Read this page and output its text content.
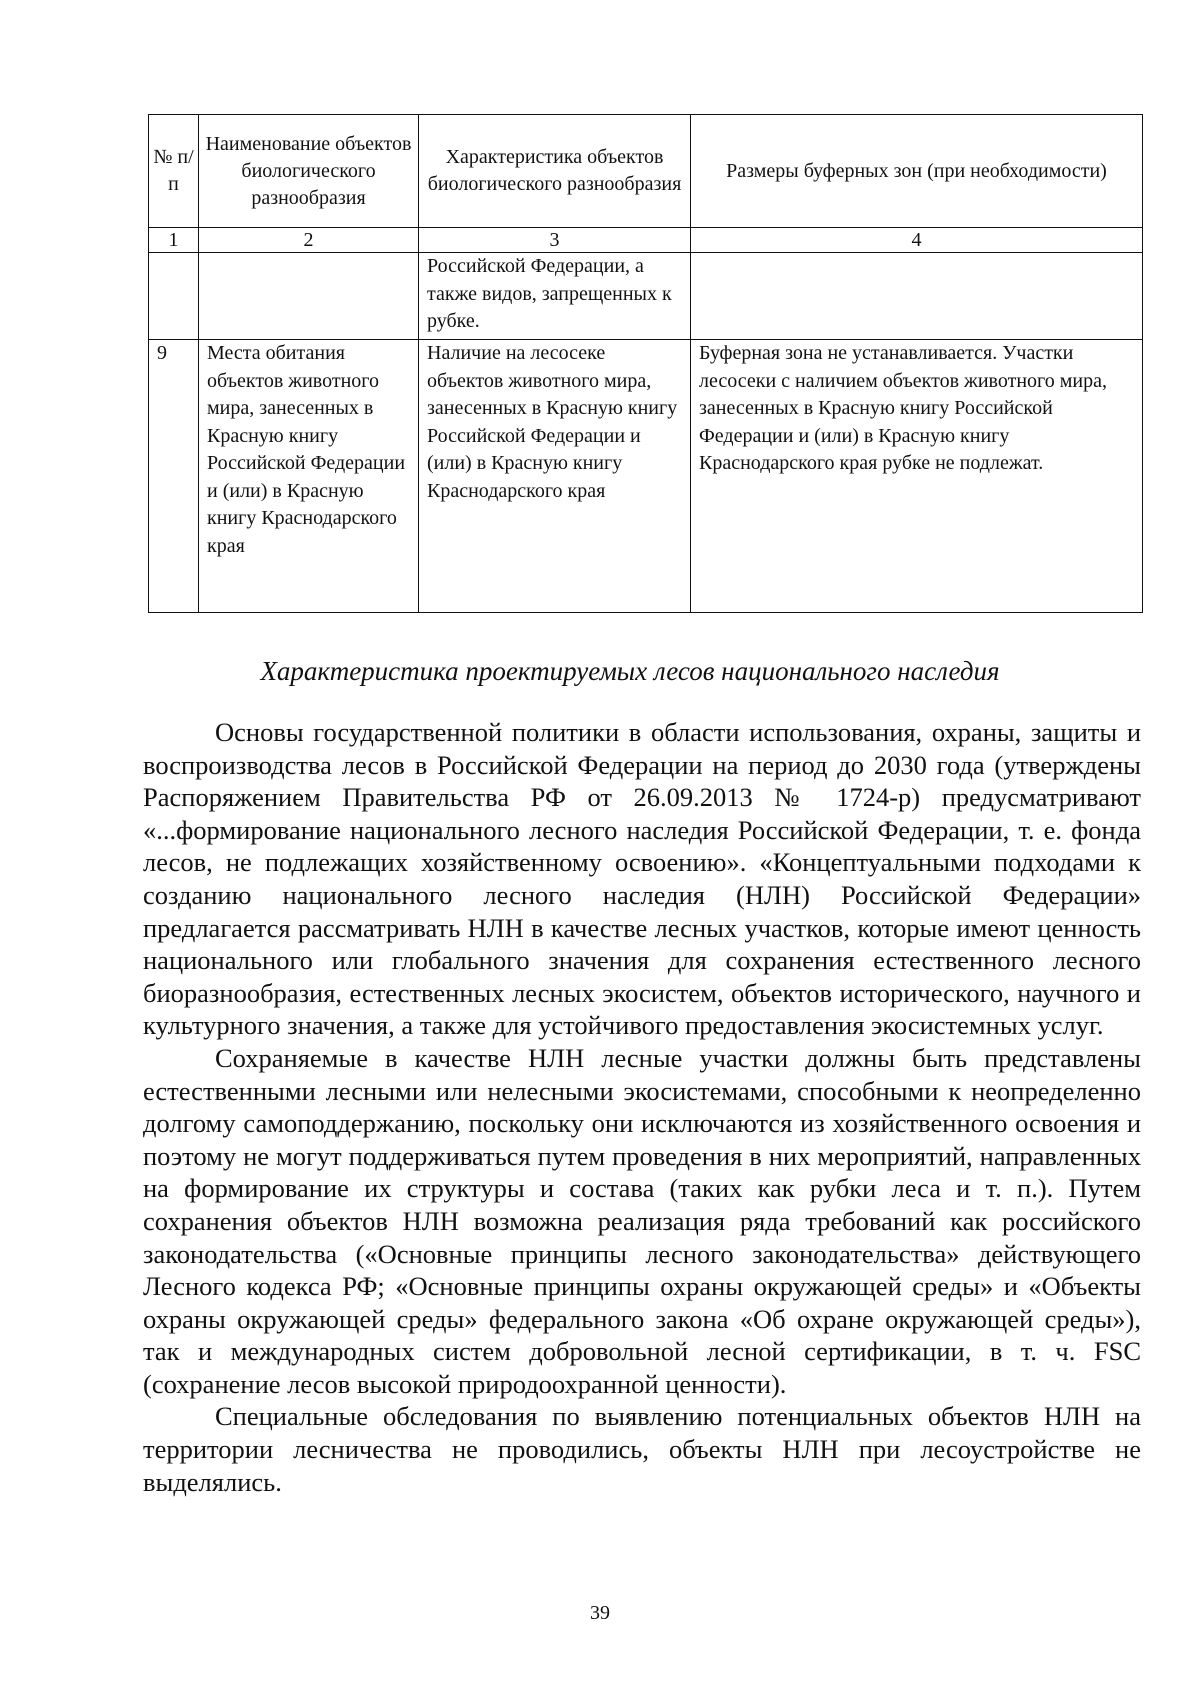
№ п/ п	Наименование объектов биологического разнообразия	Характеристика объектов биологического разнообразия	Размеры буферных зон (при необходимости)
1	2	3	4
		Российской Федерации, а также видов, запрещенных к рубке.	
9	Места обитания объектов животного мира, занесенных в Красную книгу Российской Федерации и (или) в Красную книгу Краснодарского края	Наличие на лесосеке объектов животного мира, занесенных в Красную книгу Российской Федерации и (или) в Красную книгу Краснодарского края	Буферная зона не устанавливается. Участки лесосеки с наличием объектов животного мира, занесенных в Красную книгу Российской Федерации и (или) в Красную книгу Краснодарского края рубке не подлежат.
Характеристика проектируемых лесов национального наследия

Основы государственной политики в области использования, охраны, защиты и воспроизводства лесов в Российской Федерации на период до 2030 года (утверждены Распоряжением Правительства РФ от 26.09.2013 № 1724-р) предусматривают «...формирование национального лесного наследия Российской Федерации, т. е. фонда лесов, не подлежащих хозяйственному освоению». «Концептуальными подходами к созданию национального лесного наследия (НЛН) Российской Федерации» предлагается рассматривать НЛН в качестве лесных участков, которые имеют ценность национального или глобального значения для сохранения естественного лесного биоразнообразия, естественных лесных экосистем, объектов исторического, научного и культурного значения, а также для устойчивого предоставления экосистемных услуг.

Сохраняемые в качестве НЛН лесные участки должны быть представлены естественными лесными или нелесными экосистемами, способными к неопределенно долгому самоподдержанию, поскольку они исключаются из хозяйственного освоения и поэтому не могут поддерживаться путем проведения в них мероприятий, направленных на формирование их структуры и состава (таких как рубки леса и т. п.). Путем сохранения объектов НЛН возможна реализация ряда требований как российского законодательства («Основные принципы лесного законодательства» действующего Лесного кодекса РФ; «Основные принципы охраны окружающей среды» и «Объекты охраны окружающей среды» федерального закона «Об охране окружающей среды»), так и международных систем добровольной лесной сертификации, в т. ч. FSC (сохранение лесов высокой природоохранной ценности).

Специальные обследования по выявлению потенциальных объектов НЛН на территории лесничества не проводились, объекты НЛН при лесоустройстве не выделялись.

39
